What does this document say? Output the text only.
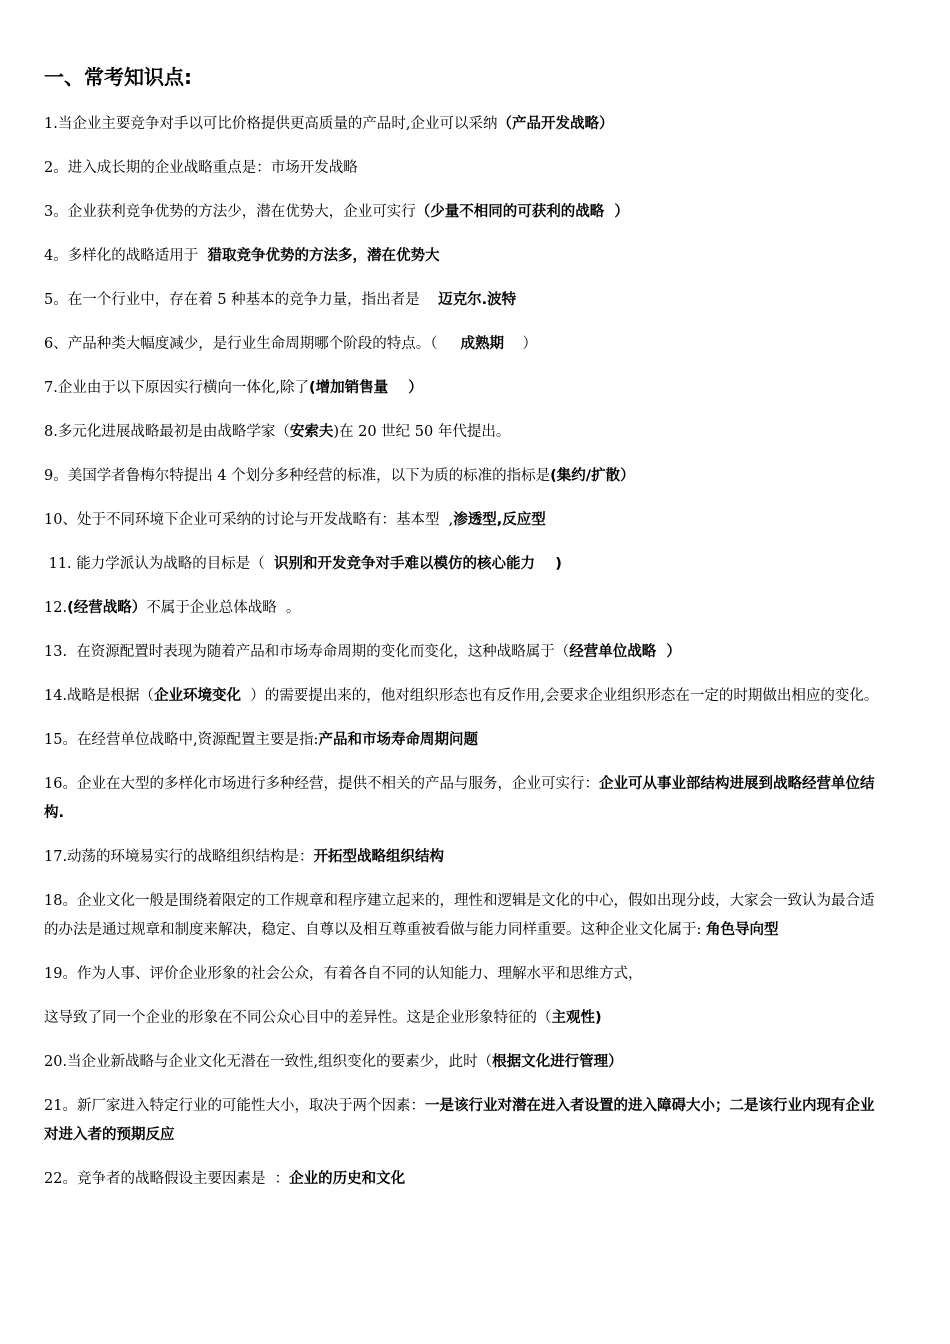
一、常考知识点:
1.当企业主要竞争对手以可比价格提供更高质量的产品时,企业可以采纳（产品开发战略）
2。进入成长期的企业战略重点是：市场开发战略
3。企业获利竞争优势的方法少，潜在优势大，企业可实行（少量不相同的可获利的战略  ）
4。多样化的战略适用于  猎取竞争优势的方法多，潜在优势大
5。在一个行业中，存在着 5 种基本的竞争力量，指出者是    迈克尔.波特
6、产品种类大幅度减少，是行业生命周期哪个阶段的特点。（     成熟期    ）
7.企业由于以下原因实行横向一体化,除了(增加销售量    ）
8.多元化进展战略最初是由战略学家（安索夫)在 20 世纪 50 年代提出。
9。美国学者鲁梅尔特提出 4 个划分多种经营的标准，以下为质的标准的指标是(集约/扩散）
10、处于不同环境下企业可采纳的讨论与开发战略有：基本型  ,渗透型,反应型
11. 能力学派认为战略的目标是（  识别和开发竞争对手难以模仿的核心能力    )
12.(经营战略）不属于企业总体战略  。
13.  在资源配置时表现为随着产品和市场寿命周期的变化而变化，这种战略属于（经营单位战略  ）
14.战略是根据（企业环境变化  ）的需要提出来的，他对组织形态也有反作用,会要求企业组织形态在一定的时期做出相应的变化。
15。在经营单位战略中,资源配置主要是指:产品和市场寿命周期问题
16。企业在大型的多样化市场进行多种经营，提供不相关的产品与服务，企业可实行：企业可从事业部结构进展到战略经营单位结构.
17.动荡的环境易实行的战略组织结构是：开拓型战略组织结构
18。企业文化一般是围绕着限定的工作规章和程序建立起来的，理性和逻辑是文化的中心，假如出现分歧，大家会一致认为最合适的办法是通过规章和制度来解决，稳定、自尊以及相互尊重被看做与能力同样重要。这种企业文化属于: 角色导向型
19。作为人事、评价企业形象的社会公众，有着各自不同的认知能力、理解水平和思维方式，
这导致了同一个企业的形象在不同公众心目中的差异性。这是企业形象特征的（主观性)
20.当企业新战略与企业文化无潜在一致性,组织变化的要素少，此时（根据文化进行管理）
21。新厂家进入特定行业的可能性大小，取决于两个因素：一是该行业对潜在进入者设置的进入障碍大小；二是该行业内现有企业对进入者的预期反应
22。竞争者的战略假设主要因素是  ：企业的历史和文化
